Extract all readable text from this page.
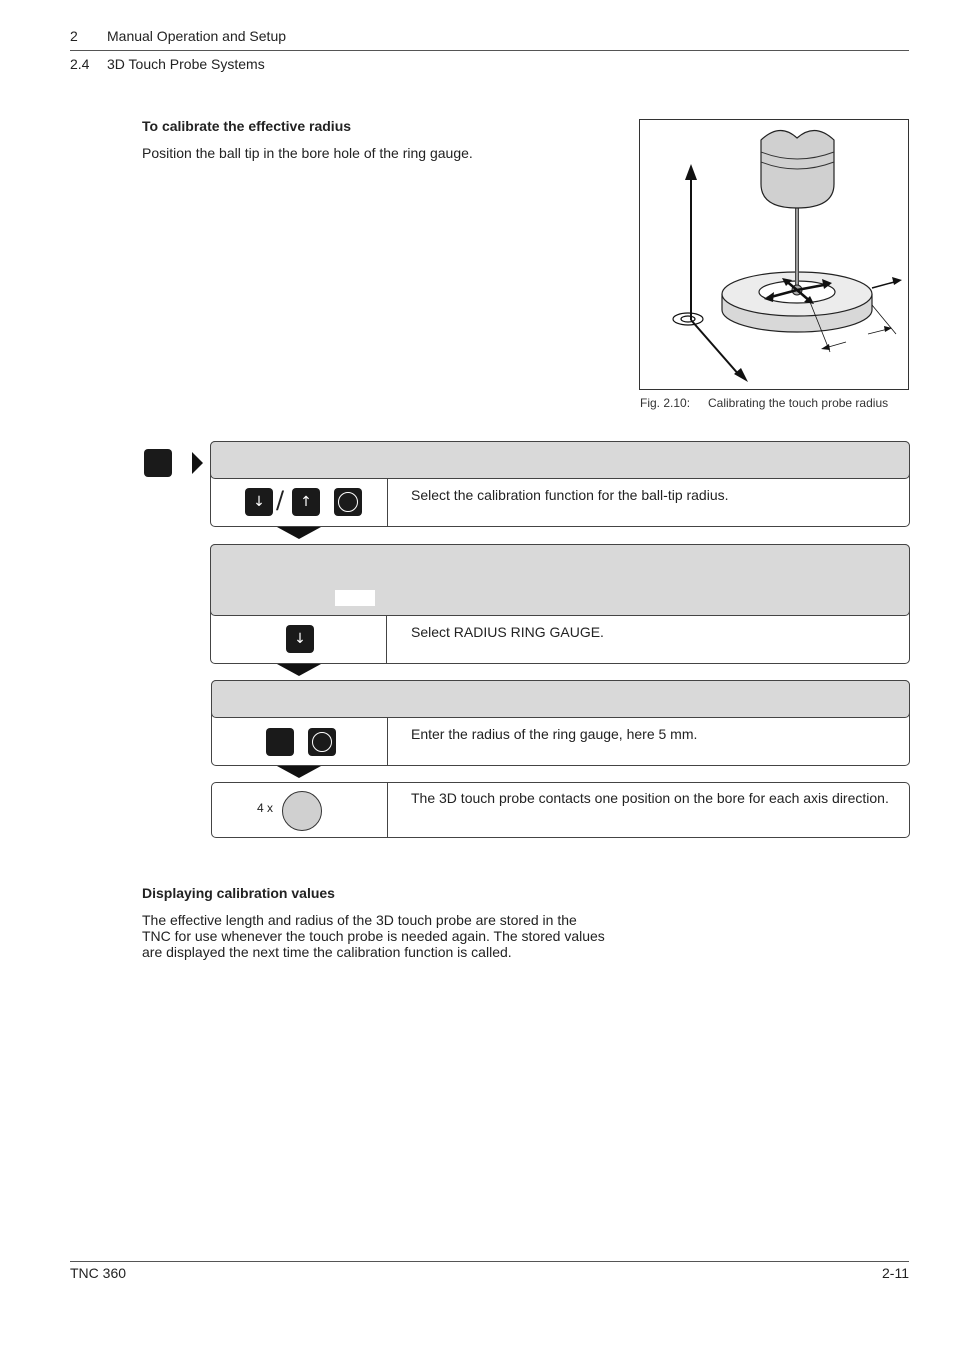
2 Manual Operation and Setup
2.4 3D Touch Probe Systems
To calibrate the effective radius
Position the ball tip in the bore hole of the ring gauge.
Fig. 2.10: Calibrating the touch probe radius
↓ /	↑	Select the calibration function for the ball-tip radius.
↓	Select RADIUS RING GAUGE.
Enter the radius of the ring gauge, here 5 mm.
4 x
The 3D touch probe contacts one position on the bore for each axis direction.
Displaying calibration values
The effective length and radius of the 3D touch probe are stored in the
TNC for use whenever the touch probe is needed again. The stored values
are displayed the next time the calibration function is called.
TNC 360	2-11
